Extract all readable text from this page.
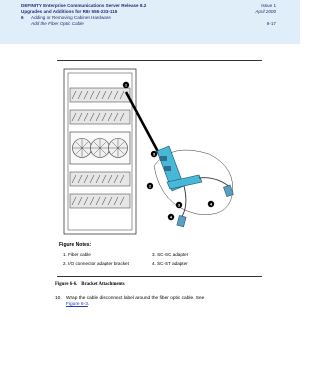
DEFINITY Enterprise Communications Server Release 8.2
Upgrades and Additions for R8r 555-233-115
6 Adding or Removing Cabinet Hardware
Add the Fiber Optic Cable
Issue 1
April 2000

6-17
1
2
3
4
3
4
Figure Notes:
1. Fiber cable
2. I/O connector adapter bracket
3. SC-SC adapter
4. SC-ST adapter
Figure 6-6. Bracket Attachments
10. Wrap the cable disconnect label around the fiber optic cable. See
Figure 6-3.
